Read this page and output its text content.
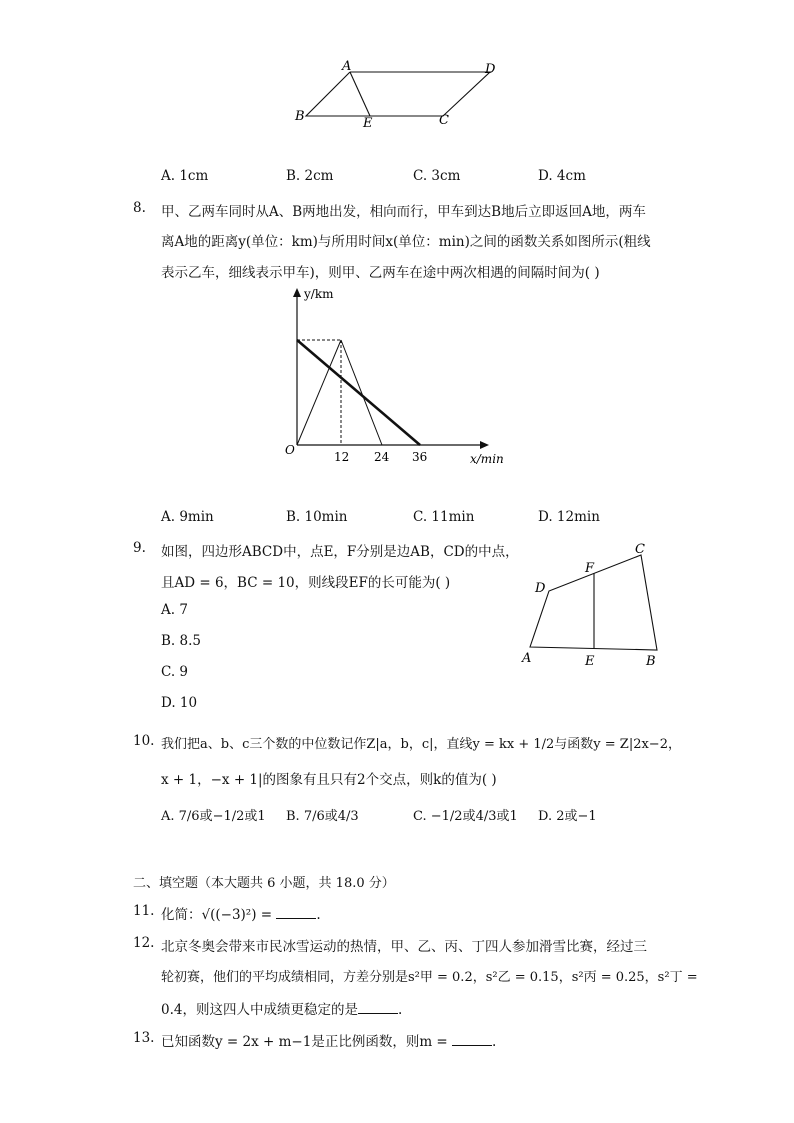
A	D
B	E	C
A. 1cm	B. 2cm	C. 3cm	D. 4cm
8. 甲、乙两车同时从A、B两地出发，相向而行，甲车到达B地后立即返回A地，两车
离A地的距离y(单位：km)与所用时间x(单位：min)之间的函数关系如图所示(粗线
表示乙车，细线表示甲车)，则甲、乙两车在途中两次相遇的间隔时间为( )
y/km
x/min
O	12 24 36
A. 9min	B. 10min	C. 11min	D. 12min
9. 如图，四边形ABCD中，点E，F分别是边AB，CD的中点，
且AD = 6，BC = 10，则线段EF的长可能为( )
A. 7
B. 8.5
C. 9
D. 10
C
F
D
A	E	B
10. 我们把a、b、c三个数的中位数记作Z|a，b，c|，直线y = kx + 1/2与函数y = Z|2x−2，
x + 1，−x + 1|的图象有且只有2个交点，则k的值为( )
A. 7/6或−1/2或1 B. 7/6或4/3	C. −1/2或4/3或1 D. 2或−1
二、填空题（本大题共 6 小题，共 18.0 分）
11. 化简：√((−3)²) =	.
12. 北京冬奥会带来市民冰雪运动的热情，甲、乙、丙、丁四人参加滑雪比赛，经过三
轮初赛，他们的平均成绩相同，方差分别是s²甲 = 0.2，s²乙 = 0.15，s²丙 = 0.25，s²丁 =
0.4，则这四人中成绩更稳定的是	.
13. 已知函数y = 2x + m−1是正比例函数，则m =	.
